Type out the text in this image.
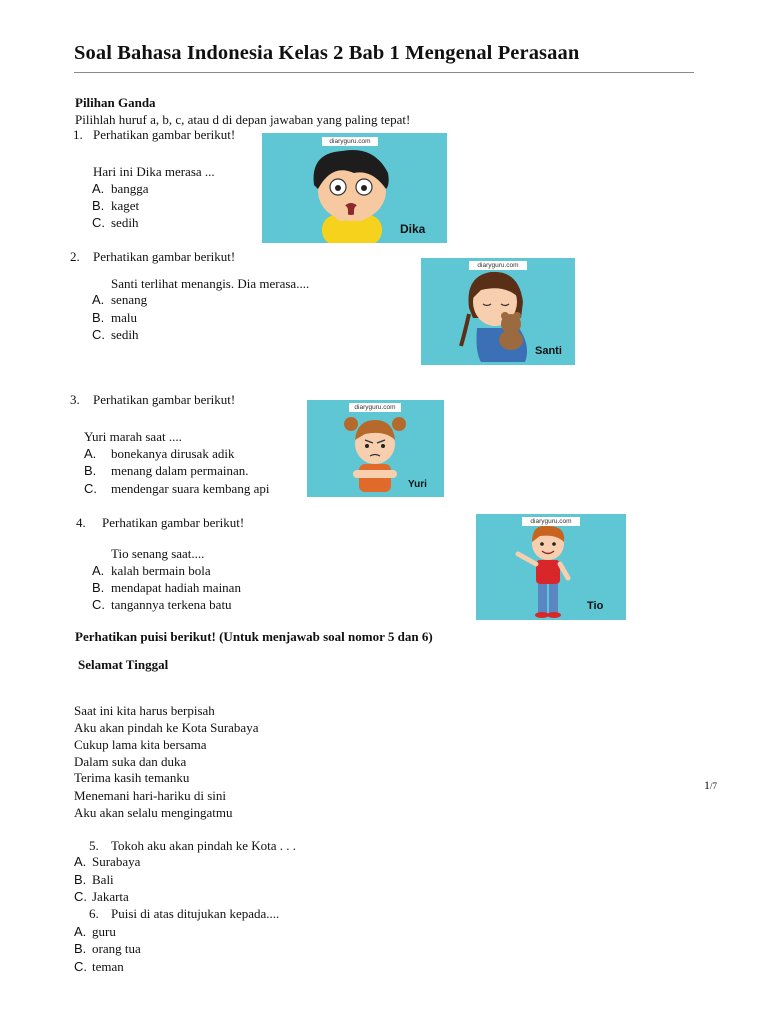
Soal Bahasa Indonesia Kelas 2 Bab 1 Mengenal Perasaan
Pilihan Ganda
Pilihlah huruf a, b, c, atau d di depan jawaban yang paling tepat!
1. Perhatikan gambar berikut!
Hari ini Dika merasa ...
A. bangga
B. kaget
C. sedih
diaryguru.com
Dika
2. Perhatikan gambar berikut!
Santi terlihat menangis. Dia merasa....
A. senang
B. malu
C. sedih
diaryguru.com
Santi
3. Perhatikan gambar berikut!
Yuri marah saat ....
A. bonekanya dirusak adik
B. menang dalam permainan.
C. mendengar suara kembang api
diaryguru.com
Yuri
4. Perhatikan gambar berikut!
Tio senang saat....
A. kalah bermain bola
B. mendapat hadiah mainan
C. tangannya terkena batu
diaryguru.com
Tio
Perhatikan puisi berikut! (Untuk menjawab soal nomor 5 dan 6)
Selamat Tinggal
Saat ini kita harus berpisah
Aku akan pindah ke Kota Surabaya
Cukup lama kita bersama
Dalam suka dan duka
Terima kasih temanku
Menemani hari-hariku di sini
Aku akan selalu mengingatmu
1/7
5. Tokoh aku akan pindah ke Kota . . .
A. Surabaya
B. Bali
C. Jakarta
6. Puisi di atas ditujukan kepada....
A. guru
B. orang tua
C. teman
